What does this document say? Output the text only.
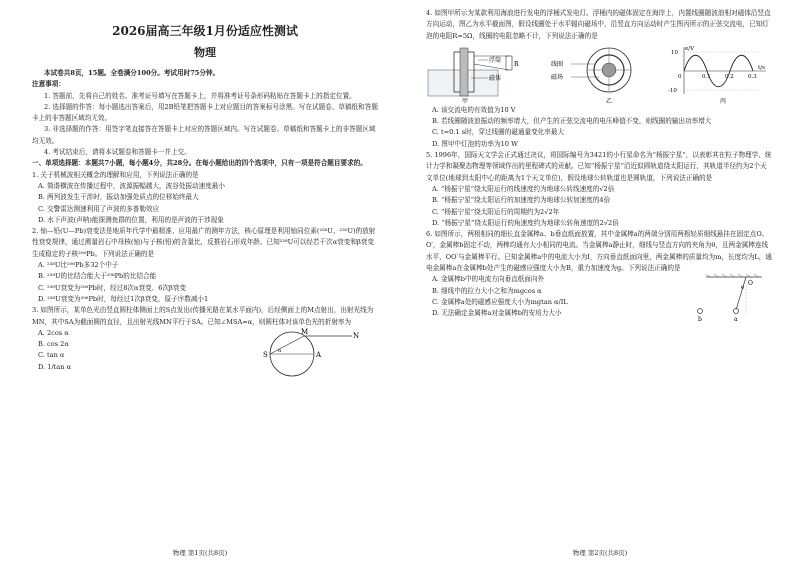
2026届高三年级1月份适应性测试
物理

本试卷共8页，15题。全卷满分100分。考试用时75分钟。

注意事项：

1. 答题前，先将自己的姓名、准考证号填写在答题卡上，并将准考证号条形码粘贴在答题卡上的指定位置。

2. 选择题的作答：每小题选出答案后，用2B铅笔把答题卡上对应题目的答案标号涂黑。写在试题卷、草稿纸和答题卡上的非答题区域均无效。

3. 非选择题的作答：用签字笔直接答在答题卡上对应的答题区域内。写在试题卷、草稿纸和答题卡上的非答题区域均无效。

4. 考试结束后，请将本试题卷和答题卡一并上交。

一、单项选择题：本题共7小题，每小题4分，共28分。在每小题给出的四个选项中，只有一项是符合题目要求的。

1. 关于机械波相关概念的理解和应用，下列说法正确的是

A. 简谐横波在传播过程中，波源振幅越大，波谷处振动速度最小

B. 两列波发生干涉时，振动加强处质点的位移始终最大

C. 交警雷达测速利用了声波的多普勒效应

D. 水下声波(声呐)能探测鱼群的位置，利用的是声波的干涉现象

2. 铀—铅(U—Pb)衰变法是地质年代学中最精准、应用最广的测年方法，核心原理是利用铀同位素(²³⁸U、²³⁵U)的放射性衰变规律，通过测量岩石中母核(铀)与子核(铅)的含量比，反推岩石形成年龄。已知²³⁸U可以经若干次α衰变和β衰变生成稳定的子核²⁰⁶Pb。下列说法正确的是

A. ²³⁸U比²⁰⁶Pb多32个中子

B. ²³⁸U的比结合能大于²⁰⁶Pb的比结合能

C. ²³⁸U衰变为²⁰⁶Pb时，经过8次α衰变、6次β衰变

D. ²³⁸U衰变为²⁰⁶Pb时，每经过1次β衰变，原子序数减小1

3. 如图所示，某单色光由竖直圆柱体侧面上的S点发出(传播光路在某水平面内)，后经侧面上的M点射出，出射光线为MN，其中SA为截面圆的直径，且出射光线MN平行于SA。已知∠MSA=α，则圆柱体对该单色光的折射率为

A. 2cos α

B. cos 2α

C. tan α

D. 1/tan α

S
M	N
A
α
物理 第1页(共8页)

4. 如图甲所示为某款利用海浪进行发电的浮桶式发电灯。浮桶内的磁体固定在海岸上，内置线圈随波浪相对磁体沿竖直方向运动，图乙为水平截面图，假设线圈处于水平辐向磁场中，沿竖直方向运动时产生图丙所示的正弦交流电，已知灯泡的电阻R=5Ω，线圈的电阻忽略不计，下列说法正确的是

浮筒
磁体
R
甲
线圈
磁场
乙
e/V
10
-10
0	0.1	0.2	0.3
t/s
丙

A. 该交流电的有效值为10 V

B. 若线圈随波浪振动的频率增大，但产生的正弦交流电的电压峰值不变，则线圈的输出功率增大

C. t=0.1 s时，穿过线圈的磁通量变化率最大

D. 图甲中灯泡的功率为10 W

5. 1996年，国际天文学会正式通过决议，将国际编号为3421的小行星命名为“杨振宁星”，以表彰其在粒子物理学、统计力学和凝聚态物理等领域作出的里程碑式的贡献。已知“杨振宁星”沿近似圆轨道绕太阳运行，其轨道半径约为2个天文单位(地球到太阳中心的距离为1个天文单位)，假设地球公转轨道也是圆轨道，下列说法正确的是

A. “杨振宁星”绕太阳运行的线速度约为地球公转线速度的√2倍

B. “杨振宁星”绕太阳运行的加速度约为地球公转加速度的4倍

C. “杨振宁星”绕太阳运行的周期约为2√2年

D. “杨振宁星”绕太阳运行的角速度约为地球公转角速度的2√2倍

6. 如图所示，两根相同的细长直金属棒a、b垂直纸面放置，其中金属棒a的两端分别用两根轻质细线悬挂在固定点O、O′，金属棒b固定不动，两棒均通有大小相同的电流。当金属棒a静止时，细线与竖直方向的夹角为θ，且两金属棒连线水平，OO′与金属棒平行。已知金属棒a中的电流大小为I，方向垂直纸面向里，两金属棒的质量均为m，长度均为L，通电金属棒a在金属棒b处产生的磁感应强度大小为B，重力加速度为g。下列说法正确的是

A. 金属棒b中的电流方向垂直纸面向外

B. 细线中的拉力大小之和为mgcos α

C. 金属棒a处的磁感应强度大小为mgtan α/IL

D. 无法确定金属棒a对金属棒b的安培力大小

O
θ
a
b
物理 第2页(共8页)
